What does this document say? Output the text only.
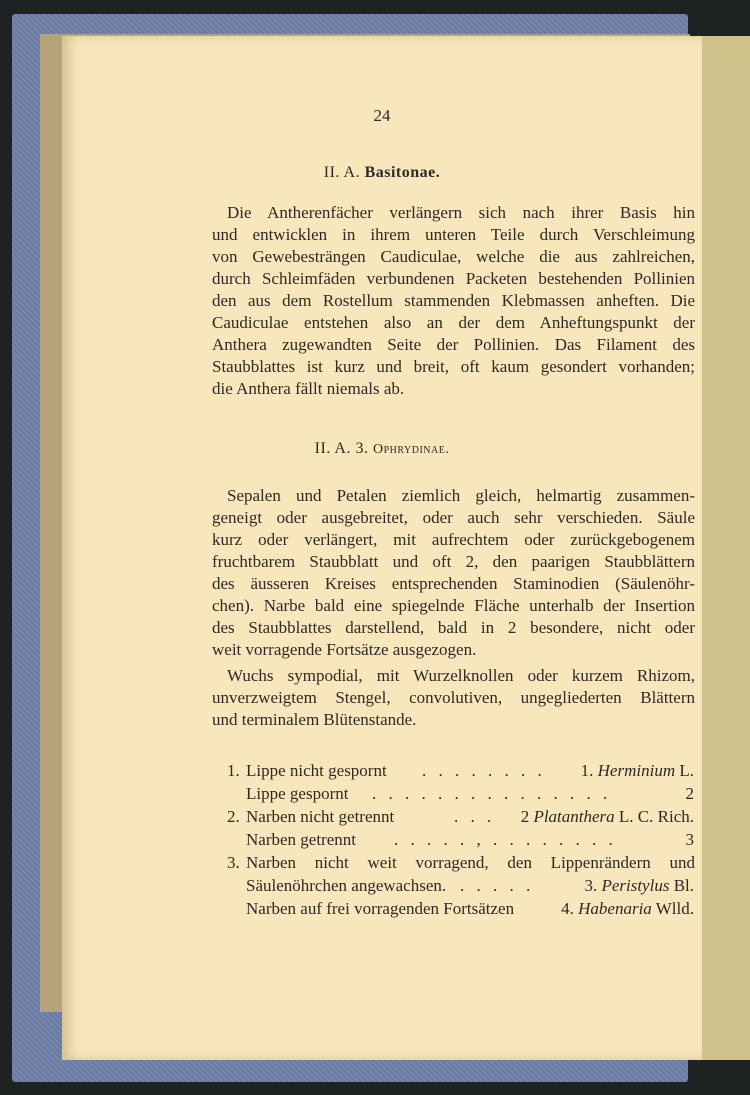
24
II. A. Basitonae.
Die Antherenfächer verlängern sich nach ihrer Basis hin
und entwicklen in ihrem unteren Teile durch Verschleimung
von Gewebesträngen Caudiculae, welche die aus zahlreichen,
durch Schleimfäden verbundenen Packeten bestehenden Pollinien
den aus dem Rostellum stammenden Klebmassen anheften. Die
Caudiculae entstehen also an der dem Anheftungspunkt der
Anthera zugewandten Seite der Pollinien. Das Filament des
Staubblattes ist kurz und breit, oft kaum gesondert vorhanden;
die Anthera fällt niemals ab.
II. A. 3. Ophrydinae.
Sepalen und Petalen ziemlich gleich, helmartig zusammen-
geneigt oder ausgebreitet, oder auch sehr verschieden. Säule
kurz oder verlängert, mit aufrechtem oder zurückgebogenem
fruchtbarem Staubblatt und oft 2, den paarigen Staubblättern
des äusseren Kreises entsprechenden Staminodien (Säulenöhr-
chen). Narbe bald eine spiegelnde Fläche unterhalb der Insertion
des Staubblattes darstellend, bald in 2 besondere, nicht oder
weit vorragende Fortsätze ausgezogen.
Wuchs sympodial, mit Wurzelknollen oder kurzem Rhizom,
unverzweigtem Stengel, convolutiven, ungegliederten Blättern
und terminalem Blütenstande.
1. Lippe nicht gespornt . . . . . . . . 1. Herminium L.
Lippe gespornt . . . . . . . . . . . . . . .	2
2. Narben nicht getrennt	. . . 2 Platanthera L. C. Rich.
Narben getrennt . . . . . , . . . . . . . .	3
3. Narben nicht weit vorragend, den Lippenrändern und
Säulenöhrchen angewachsen. . . . . .	3. Peristylus Bl.
Narben auf frei vorragenden Fortsätzen	4. Habenaria Wlld.
